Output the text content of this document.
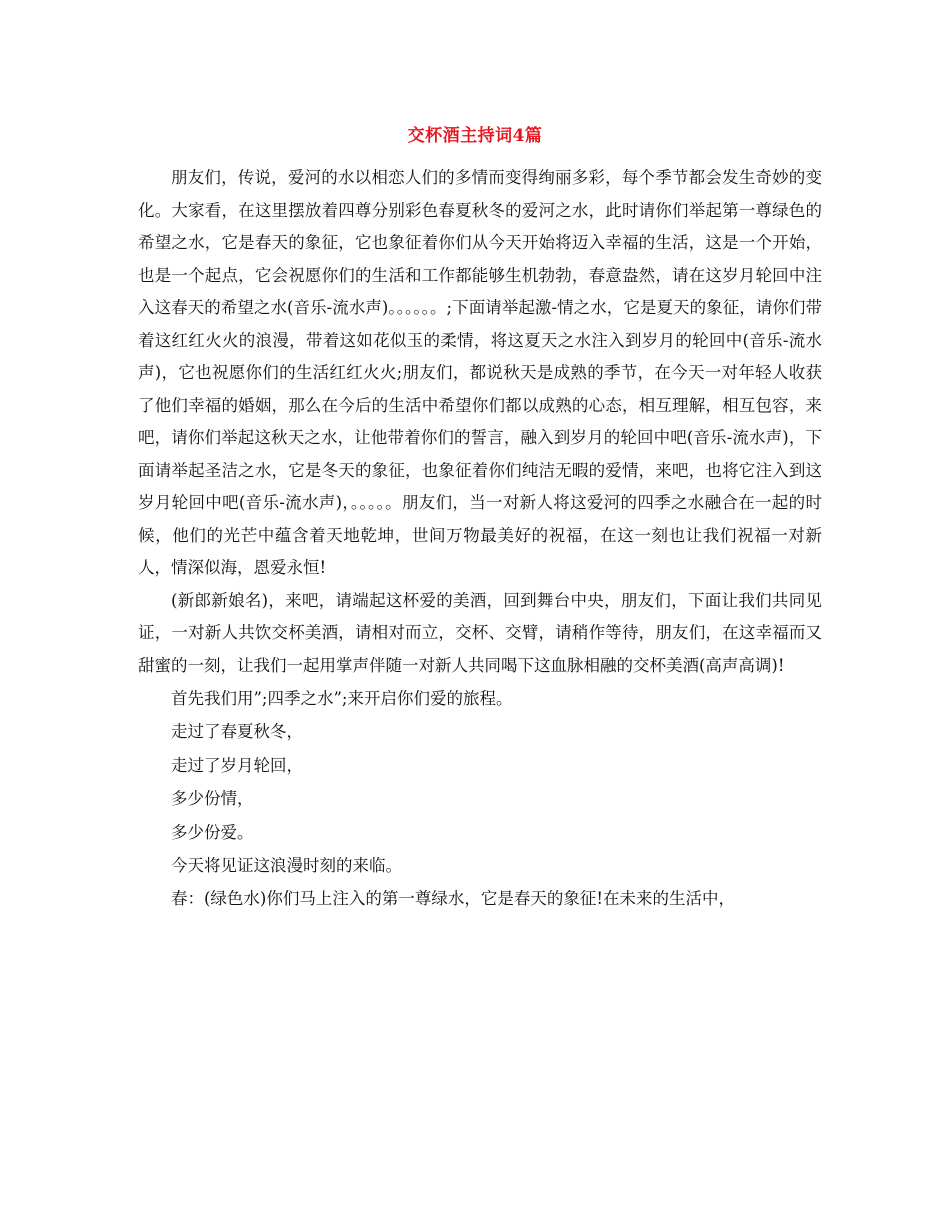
交杯酒主持词4篇

朋友们，传说，爱河的水以相恋人们的多情而变得绚丽多彩，每个季节都会发生奇妙的变化。大家看，在这里摆放着四尊分别彩色春夏秋冬的爱河之水，此时请你们举起第一尊绿色的希望之水，它是春天的象征，它也象征着你们从今天开始将迈入幸福的生活，这是一个开始，也是一个起点，它会祝愿你们的生活和工作都能够生机勃勃，春意盎然，请在这岁月轮回中注入这春天的希望之水(音乐-流水声)。。。。。。;下面请举起激-情之水，它是夏天的象征，请你们带着这红红火火的浪漫，带着这如花似玉的柔情，将这夏天之水注入到岁月的轮回中(音乐-流水声)，它也祝愿你们的生活红红火火;朋友们，都说秋天是成熟的季节，在今天一对年轻人收获了他们幸福的婚姻，那么在今后的生活中希望你们都以成熟的心态，相互理解，相互包容，来吧，请你们举起这秋天之水，让他带着你们的誓言，融入到岁月的轮回中吧(音乐-流水声)，下面请举起圣洁之水，它是冬天的象征，也象征着你们纯洁无暇的爱情，来吧，也将它注入到这岁月轮回中吧(音乐-流水声)，。。。。。朋友们，当一对新人将这爱河的四季之水融合在一起的时候，他们的光芒中蕴含着天地乾坤，世间万物最美好的祝福，在这一刻也让我们祝福一对新人，情深似海，恩爱永恒!

(新郎新娘名)，来吧，请端起这杯爱的美酒，回到舞台中央，朋友们，下面让我们共同见证，一对新人共饮交杯美酒，请相对而立，交杯、交臂，请稍作等待，朋友们，在这幸福而又甜蜜的一刻，让我们一起用掌声伴随一对新人共同喝下这血脉相融的交杯美酒(高声高调)!

首先我们用”;四季之水”;来开启你们爱的旅程。

走过了春夏秋冬，

走过了岁月轮回，

多少份情，

多少份爱。

今天将见证这浪漫时刻的来临。

春：(绿色水)你们马上注入的第一尊绿水，它是春天的象征!在未来的生活中，
